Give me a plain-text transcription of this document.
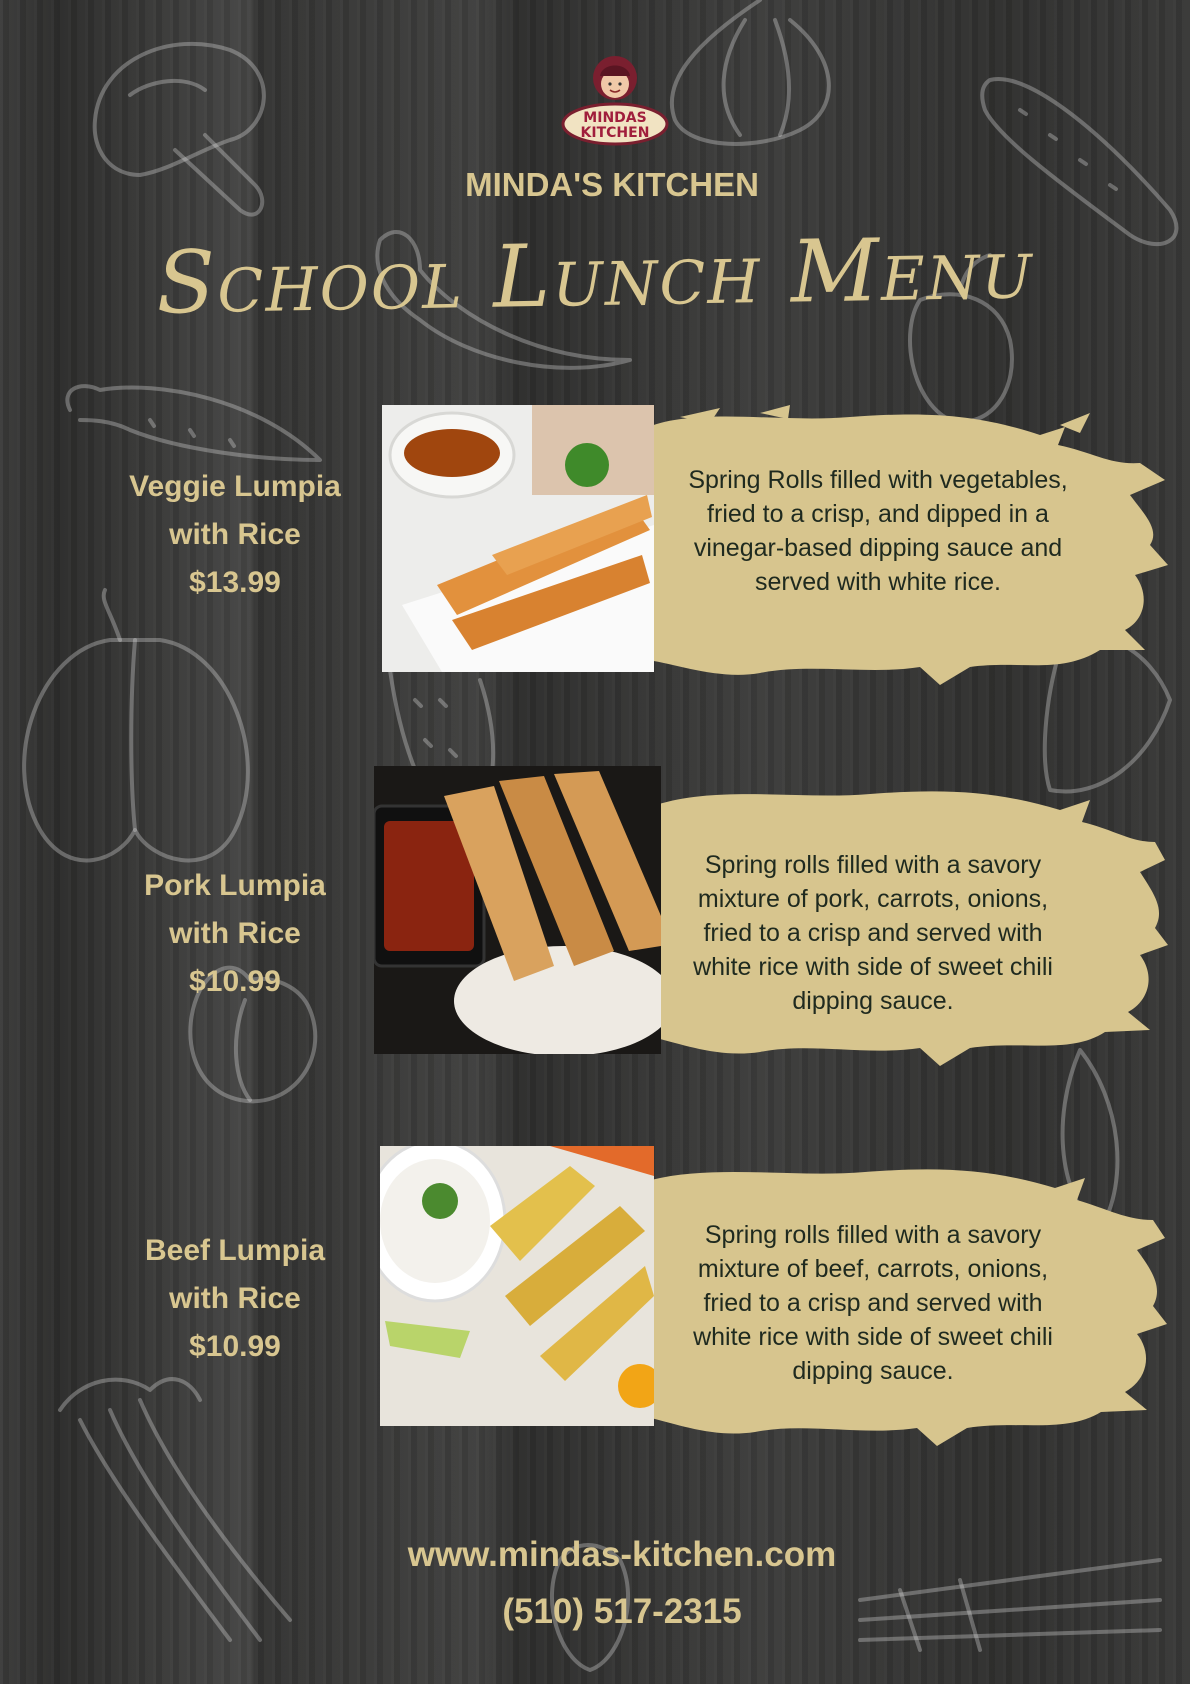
MINDAS
KITCHEN
MINDA'S KITCHEN
School Lunch Menu
Veggie Lumpia
with Rice
$13.99
Spring Rolls filled with vegetables, fried to a crisp, and dipped in a vinegar-based dipping sauce and served with white rice.
Pork Lumpia
with Rice
$10.99
Spring rolls filled with a savory mixture of pork, carrots, onions, fried to a crisp and served with white rice with side of sweet chili dipping sauce.
Beef Lumpia
with Rice
$10.99
Spring rolls filled with a savory mixture of beef, carrots, onions, fried to a crisp and served with white rice with side of sweet chili dipping sauce.
www.mindas-kitchen.com
(510) 517-2315
